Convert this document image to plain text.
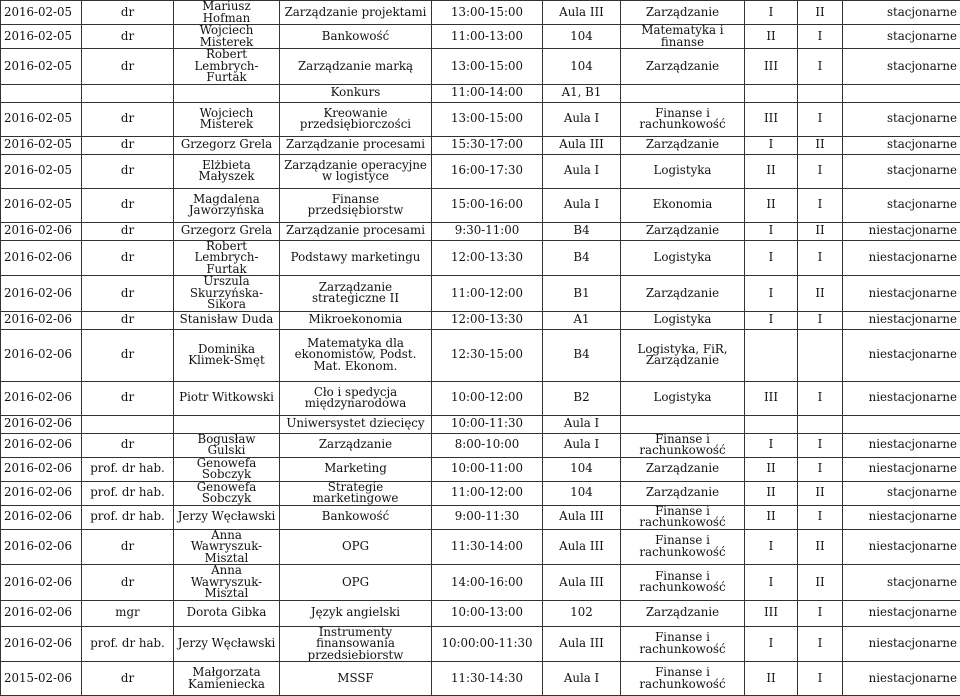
2016-02-05	dr	Mariusz Hofman	Zarządzanie projektami	13:00-15:00	Aula III	Zarządzanie	I	II	stacjonarne
2016-02-05	dr	Wojciech Misterek	Bankowość	11:00-13:00	104	Matematyka i finanse	II	I	stacjonarne
2016-02-05	dr	Robert Lembrych-Furtak	Zarządzanie marką	13:00-15:00	104	Zarządzanie	III	I	stacjonarne
			Konkurs	11:00-14:00	A1, B1				
2016-02-05	dr	Wojciech Misterek	Kreowanie przedsiębiorczości	13:00-15:00	Aula I	Finanse i rachunkowość	III	I	stacjonarne
2016-02-05	dr	Grzegorz Grela	Zarządzanie procesami	15:30-17:00	Aula III	Zarządzanie	I	II	stacjonarne
2016-02-05	dr	Elżbieta Małyszek	Zarządzanie operacyjne w logistyce	16:00-17:30	Aula I	Logistyka	II	I	stacjonarne
2016-02-05	dr	Magdalena Jaworzyńska	Finanse przedsiębiorstw	15:00-16:00	Aula I	Ekonomia	II	I	stacjonarne
2016-02-06	dr	Grzegorz Grela	Zarządzanie procesami	9:30-11:00	B4	Zarządzanie	I	II	niestacjonarne
2016-02-06	dr	Robert Lembrych-Furtak	Podstawy marketingu	12:00-13:30	B4	Logistyka	I	I	niestacjonarne
2016-02-06	dr	Urszula Skurzyńska-Sikora	Zarządzanie strategiczne II	11:00-12:00	B1	Zarządzanie	I	II	niestacjonarne
2016-02-06	dr	Stanisław Duda	Mikroekonomia	12:00-13:30	A1	Logistyka	I	I	niestacjonarne
2016-02-06	dr	Dominika Klimek-Smęt	Matematyka dla ekonomistów, Podst. Mat. Ekonom.	12:30-15:00	B4	Logistyka, FiR, Zarządzanie			niestacjonarne
2016-02-06	dr	Piotr Witkowski	Cło i spedycja międzynarodowa	10:00-12:00	B2	Logistyka	III	I	niestacjonarne
2016-02-06			Uniwersystet dziecięcy	10:00-11:30	Aula I				
2016-02-06	dr	Bogusław Gulski	Zarządzanie	8:00-10:00	Aula I	Finanse i rachunkowość	I	I	niestacjonarne
2016-02-06	prof. dr hab.	Genowefa Sobczyk	Marketing	10:00-11:00	104	Zarządzanie	II	I	niestacjonarne
2016-02-06	prof. dr hab.	Genowefa Sobczyk	Strategie marketingowe	11:00-12:00	104	Zarządzanie	II	II	stacjonarne
2016-02-06	prof. dr hab.	Jerzy Węcławski	Bankowość	9:00-11:30	Aula III	Finanse i rachunkowość	II	I	niestacjonarne
2016-02-06	dr	Anna Wawryszuk-Misztal	OPG	11:30-14:00	Aula III	Finanse i rachunkowość	I	II	niestacjonarne
2016-02-06	dr	Anna Wawryszuk-Misztal	OPG	14:00-16:00	Aula III	Finanse i rachunkowość	I	II	stacjonarne
2016-02-06	mgr	Dorota Gibka	Język angielski	10:00-13:00	102	Zarządzanie	III	I	niestacjonarne
2016-02-06	prof. dr hab.	Jerzy Węcławski	Instrumenty finansowania przedsiebiorstw	10:00:00-11:30	Aula III	Finanse i rachunkowość	I	I	niestacjonarne
2015-02-06	dr	Małgorzata Kamieniecka	MSSF	11:30-14:30	Aula I	Finanse i rachunkowość	II	I	niestacjonarne
